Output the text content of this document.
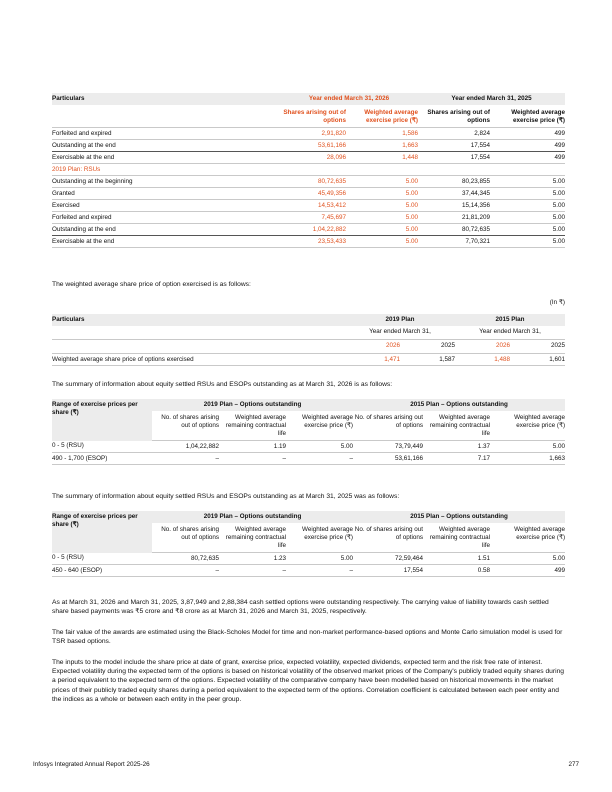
Particulars	Year ended March 31, 2026		Year ended March 31, 2025	
	Shares arising out of options	Weighted average exercise price (₹)	Shares arising out of options	Weighted average exercise price (₹)
Forfeited and expired	2,91,820	1,586	2,824	499
Outstanding at the end	53,61,166	1,663	17,554	499
Exercisable at the end	28,096	1,448	17,554	499
2019 Plan: RSUs				
Outstanding at the beginning	80,72,635	5.00	80,23,855	5.00
Granted	45,49,356	5.00	37,44,345	5.00
Exercised	14,53,412	5.00	15,14,356	5.00
Forfeited and expired	7,45,697	5.00	21,81,209	5.00
Outstanding at the end	1,04,22,882	5.00	80,72,635	5.00
Exercisable at the end	23,53,433	5.00	7,70,321	5.00
The weighted average share price of option exercised is as follows:
(In ₹)
Particulars	2019 Plan		2015 Plan	
	Year ended March 31,		Year ended March 31,	
	2026	2025	2026	2025
Weighted average share price of options exercised	1,471	1,587	1,488	1,601
The summary of information about equity settled RSUs and ESOPs outstanding as at March 31, 2026 is as follows:
Range of exercise prices per share (₹)	2019 Plan – Options outstanding			2015 Plan – Options outstanding		
	No. of shares arising out of options	Weighted average remaining contractual life	Weighted average exercise price (₹)	No. of shares arising out of options	Weighted average remaining contractual life	Weighted average exercise price (₹)
0 - 5 (RSU)	1,04,22,882	1.19	5.00	73,79,449	1.37	5.00
490 - 1,700 (ESOP)	–	–	–	53,61,166	7.17	1,663
The summary of information about equity settled RSUs and ESOPs outstanding as at March 31, 2025 was as follows:
Range of exercise prices per share (₹)	2019 Plan – Options outstanding			2015 Plan – Options outstanding		
	No. of shares arising out of options	Weighted average remaining contractual life	Weighted average exercise price (₹)	No. of shares arising out of options	Weighted average remaining contractual life	Weighted average exercise price (₹)
0 - 5 (RSU)	80,72,635	1.23	5.00	72,59,464	1.51	5.00
450 - 640 (ESOP)	–	–	–	17,554	0.58	499
As at March 31, 2026 and March 31, 2025, 3,87,949 and 2,88,384 cash settled options were outstanding respectively. The carrying value of liability towards cash settled share based payments was ₹5 crore and ₹8 crore as at March 31, 2026 and March 31, 2025, respectively.
The fair value of the awards are estimated using the Black-Scholes Model for time and non-market performance-based options and Monte Carlo simulation model is used for TSR based options.
The inputs to the model include the share price at date of grant, exercise price, expected volatility, expected dividends, expected term and the risk free rate of interest. Expected volatility during the expected term of the options is based on historical volatility of the observed market prices of the Company's publicly traded equity shares during a period equivalent to the expected term of the options. Expected volatility of the comparative company have been modelled based on historical movements in the market prices of their publicly traded equity shares during a period equivalent to the expected term of the options. Correlation coefficient is calculated between each peer entity and the indices as a whole or between each entity in the peer group.
Infosys Integrated Annual Report 2025-26	277
